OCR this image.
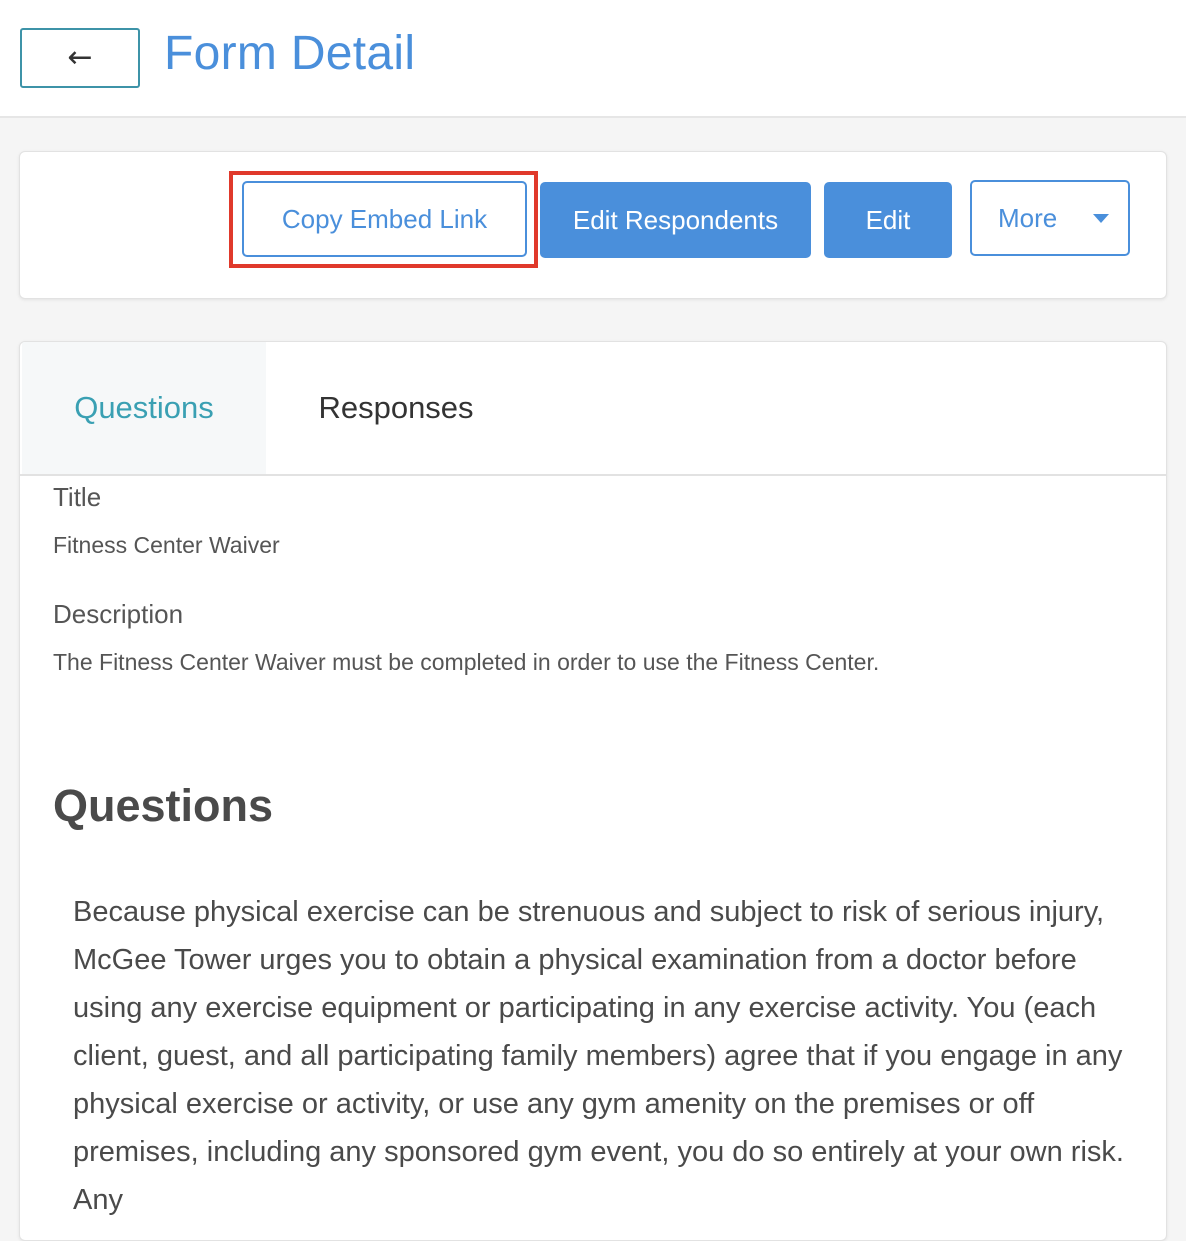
← Form Detail
Copy Embed Link	Edit Respondents	Edit	More
Questions	Responses
Title
Fitness Center Waiver
Description
The Fitness Center Waiver must be completed in order to use the Fitness Center.
Questions
Because physical exercise can be strenuous and subject to risk of serious injury, McGee Tower urges you to obtain a physical examination from a doctor before using any exercise equipment or participating in any exercise activity. You (each client, guest, and all participating family members) agree that if you engage in any physical exercise or activity, or use any gym amenity on the premises or off premises, including any sponsored gym event, you do so entirely at your own risk. Any
